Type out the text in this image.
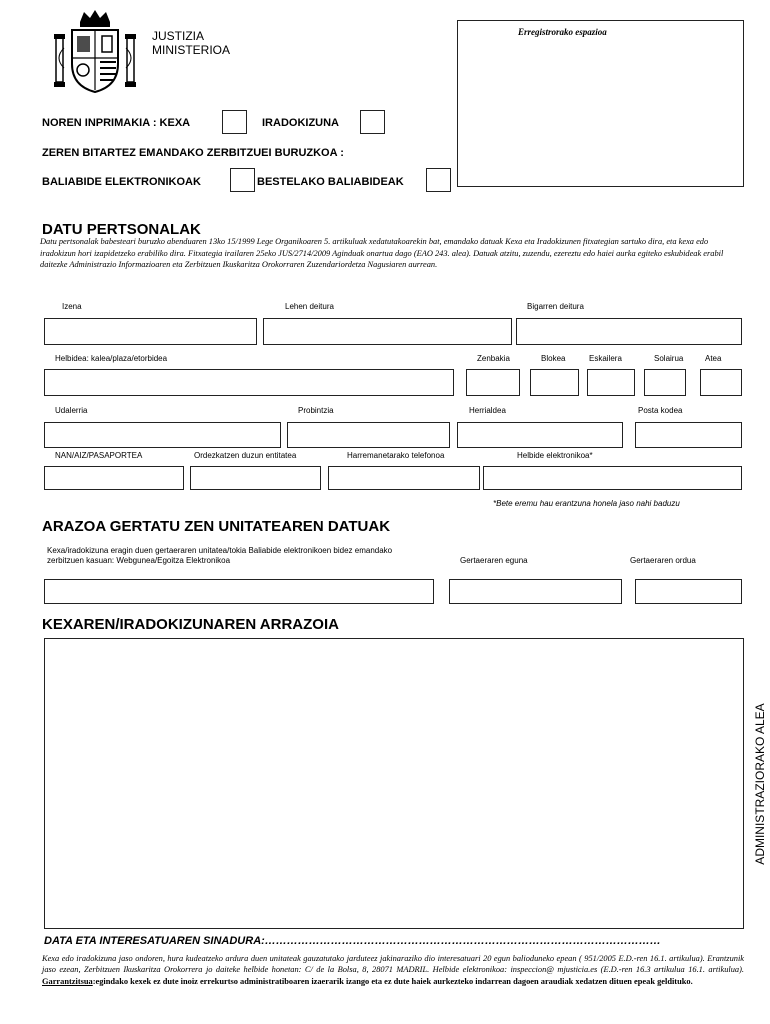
JUSTIZIA
MINISTERIOA
Erregistrorako espazioa
NOREN INPRIMAKIA : KEXA	IRADOKIZUNA
ZEREN BITARTEZ EMANDAKO ZERBITZUEI BURUZKOA :
BALIABIDE ELEKTRONIKOAK	BESTELAKO BALIABIDEAK
DATU PERTSONALAK
Datu pertsonalak babesteari buruzko abenduaren 13ko 15/1999 Lege Organikoaren 5. artikuluak xedatutakoarekin bat, emandako datuak Kexa eta Iradokizunen fitxategian sartuko dira, eta kexa edo iradokizun hori izapidetzeko erabiliko dira. Fitxategia irailaren 25eko JUS/2714/2009 Aginduak onartua dago (EAO 243. alea). Datuak atzitu, zuzendu, ezereztu edo haiei aurka egiteko eskubideak erabil daitezke Administrazio Informazioaren eta Zerbitzuen Ikuskaritza Orokorraren Zuzendariordetza Nagusiaren aurrean.
Izena	Lehen deitura	Bigarren deitura
Helbidea: kalea/plaza/etorbidea	Zenbakia	Blokea	Eskailera	Solairua	Atea
Udalerria	Probintzia	Herrialdea	Posta kodea
NAN/AIZ/PASAPORTEA	Ordezkatzen duzun entitatea	Harremanetarako telefonoa	Helbide elektronikoa*
*Bete eremu hau erantzuna honela jaso nahi baduzu
ARAZOA GERTATU ZEN UNITATEAREN DATUAK
Kexa/iradokizuna eragin duen gertaeraren unitatea/tokia Baliabide elektronikoen bidez emandako zerbitzuen kasuan: Webgunea/Egoitza Elektronikoa	Gertaeraren eguna	Gertaeraren ordua
KEXAREN/IRADOKIZUNAREN ARRAZOIA
ADMINISTRAZIORAKO ALEA
DATA ETA INTERESATUAREN SINADURA:………………………………………………………………………………………………
Kexa edo iradokizuna jaso ondoren, hura kudeatzeko ardura duen unitateak gauzatutako jarduteez jakinaraziko dio interesatuari 20 egun balioduneko epean ( 951/2005 E.D.-ren 16.1. artikulua). Erantzunik jaso ezean, Zerbitzuen Ikuskaritza Orokorrera jo daiteke helbide honetan: C/ de la Bolsa, 8, 28071 MADRIL. Helbide elektronikoa: inspeccion@ mjusticia.es (E.D.-ren 16.3 artikulua 16.1. artikulua). Garrantzitsua:egindako kexek ez dute inoiz errekurtso administratiboaren izaerarik izango eta ez dute haiek aurkezteko indarrean dagoen araudiak xedatzen dituen epeak gelditukо.
